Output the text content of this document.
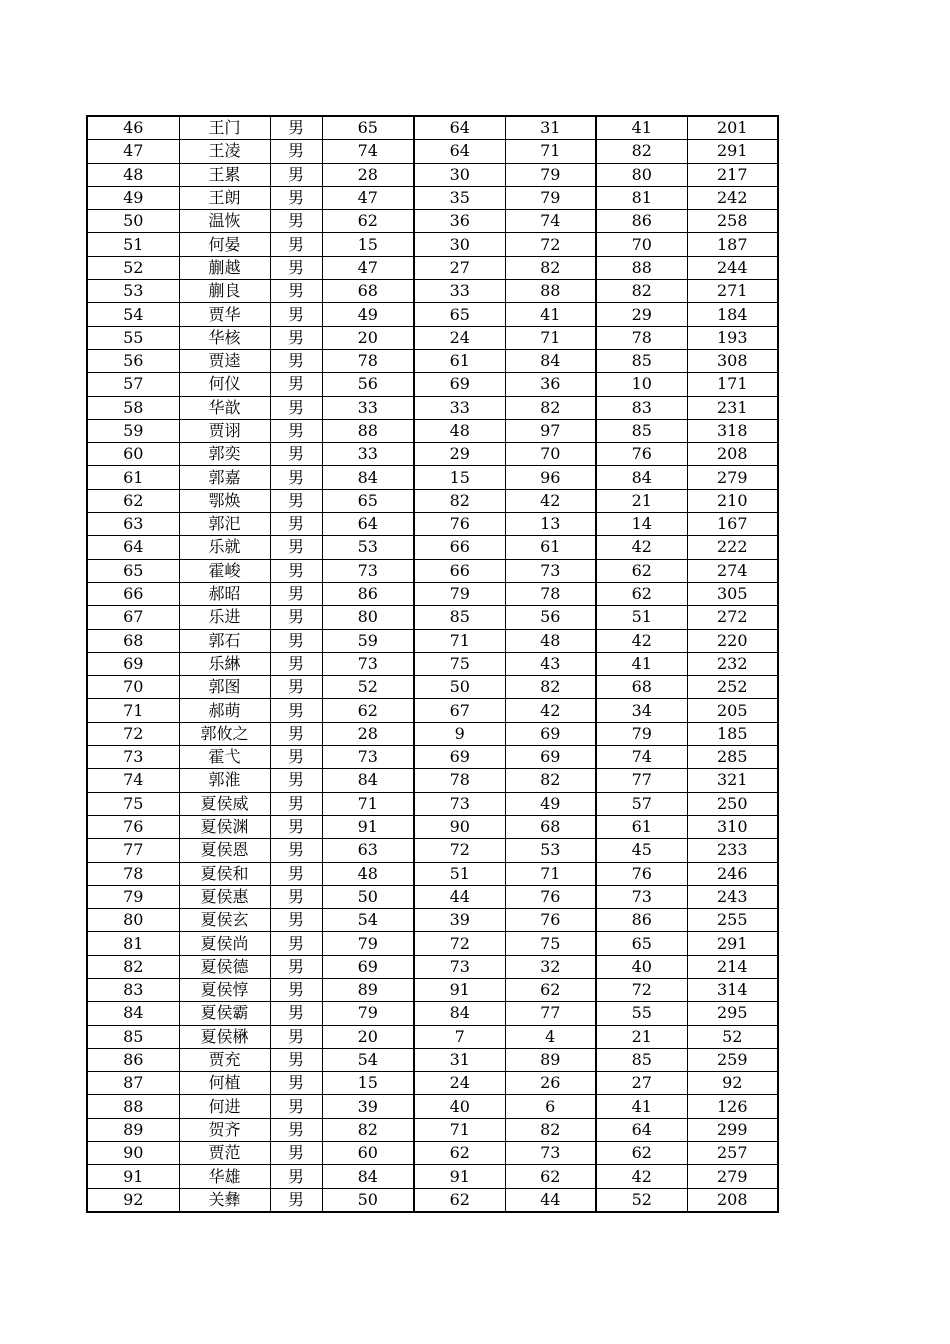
46	王门	男	65	64	31	41	201
47	王凌	男	74	64	71	82	291
48	王累	男	28	30	79	80	217
49	王朗	男	47	35	79	81	242
50	温恢	男	62	36	74	86	258
51	何晏	男	15	30	72	70	187
52	蒯越	男	47	27	82	88	244
53	蒯良	男	68	33	88	82	271
54	贾华	男	49	65	41	29	184
55	华核	男	20	24	71	78	193
56	贾逵	男	78	61	84	85	308
57	何仪	男	56	69	36	10	171
58	华歆	男	33	33	82	83	231
59	贾诩	男	88	48	97	85	318
60	郭奕	男	33	29	70	76	208
61	郭嘉	男	84	15	96	84	279
62	鄂焕	男	65	82	42	21	210
63	郭汜	男	64	76	13	14	167
64	乐就	男	53	66	61	42	222
65	霍峻	男	73	66	73	62	274
66	郝昭	男	86	79	78	62	305
67	乐进	男	80	85	56	51	272
68	郭石	男	59	71	48	42	220
69	乐綝	男	73	75	43	41	232
70	郭图	男	52	50	82	68	252
71	郝萌	男	62	67	42	34	205
72	郭攸之	男	28	9	69	79	185
73	霍弋	男	73	69	69	74	285
74	郭淮	男	84	78	82	77	321
75	夏侯威	男	71	73	49	57	250
76	夏侯渊	男	91	90	68	61	310
77	夏侯恩	男	63	72	53	45	233
78	夏侯和	男	48	51	71	76	246
79	夏侯惠	男	50	44	76	73	243
80	夏侯玄	男	54	39	76	86	255
81	夏侯尚	男	79	72	75	65	291
82	夏侯德	男	69	73	32	40	214
83	夏侯惇	男	89	91	62	72	314
84	夏侯霸	男	79	84	77	55	295
85	夏侯楙	男	20	7	4	21	52
86	贾充	男	54	31	89	85	259
87	何植	男	15	24	26	27	92
88	何进	男	39	40	6	41	126
89	贺齐	男	82	71	82	64	299
90	贾范	男	60	62	73	62	257
91	华雄	男	84	91	62	42	279
92	关彝	男	50	62	44	52	208
